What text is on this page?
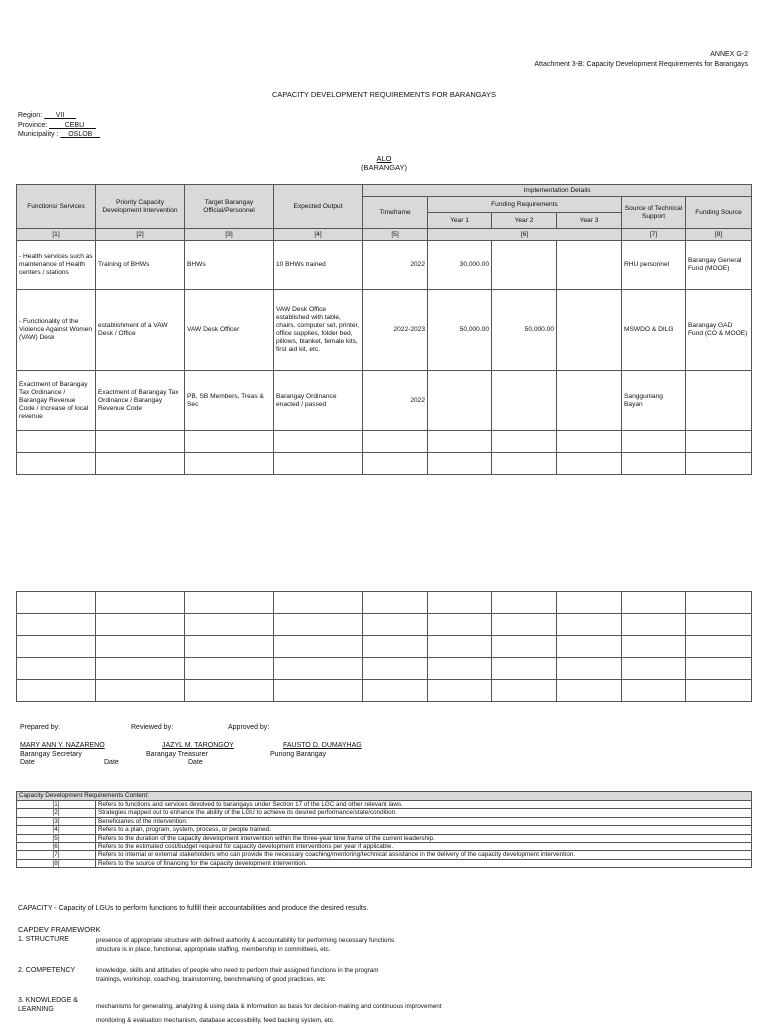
ANNEX G-2
Attachment 3-B: Capacity Development Requirements for Barangays
CAPACITY DEVELOPMENT REQUIREMENTS FOR BARANGAYS
Region: ___VII___
Province: ____CEBU___
Municipality : __OSLOB__
ALO
(BARANGAY)
Functions/ Services	Priority Capacity Development Intervention	Target Barangay Official/Personnel	Expected Output	Implementation Details					
				Timeframe	Funding Requirements			Source of Technical Support	Funding Source
					Year 1	Year 2	Year 3		
[1]	[2]	[3]	[4]	[5]	[6]			[7]	[8]
- Health services such as maintenance of Health centers / stations	Training of BHWs	BHWs	10 BHWs trained	2022	30,000.00			RHU personnel	Barangay General Fund (MOOE)
- Functionality of the Violence Against Women (VAW) Desk	establishment of a VAW Desk / Office	VAW Desk Officer	VAW Desk Office established with table, chairs, computer set, printer, office supplies, folder bed, pillows, blanket, female kits, first aid kit, etc.	2022-2023	50,000.00	50,000.00		MSWDO & DILG	Barangay GAD Fund (CO & MOOE)
Exactment of Barangay Tax Ordinance / Barangay Revenue Code / Increase of local revenue	Exactment of Barangay Tax Ordinance / Barangay Revenue Code	PB, SB Members, Treas & Sec	Barangay Ordinance enacted / passed	2022				Sangguniang Bayan	

Prepared by:	Reviewed by:	Approved by:
MARY ANN Y. NAZARENO	JAZYL M. TARONGOY	FAUSTO D. DUMAYHAG
Barangay Secretary	Barangay Treasurer	Punong Barangay
Date	Date	Date
Capacity Development Requirements Content:	
[1]	Refers to functions and services devolved to barangays under Section 17 of the LGC and other relevant laws.
[2]	Strategies mapped out to enhance the ability of the LGU to achieve its desired performance/state/condition.
[3]	Beneficiaries of the intervention.
[4]	Refers to a plan, program, system, process, or people trained.
[5]	Refers to the duration of the capacity development intervention within the three-year time frame of the current leadership.
[6]	Refers to the estimated cost/budget required for capacity development interventions per year if applicable.
[7]	Refers to internal or external stakeholders who can provide the necessary coaching/mentoring/technical assistance in the delivery of the capacity development intervention.
[8]	Refers to the source of financing for the capacity development intervention.
CAPACITY - Capacity of LGUs to perform functions to fulfill their accountabilities and produce the desired results.
CAPDEV FRAMEWORK
1. STRUCTURE	presence of appropriate structure with defined authority & accountability for performing necessary functions
structure is in place, functional, appropriate staffing, membership in committees, etc.
2. COMPETENCY	knowledge, skills and attitudes of people who need to perform their assigned functions in the program
trainings, workshop, coaching, brainstorming, benchmarking of good practices, etc
3. KNOWLEDGE & LEARNING	mechanisms for generating, analyzing & using data & information as basis for decision-making and continuous improvement
monitoring & evaluation mechanism, database accessibility, feed backing system, etc.
